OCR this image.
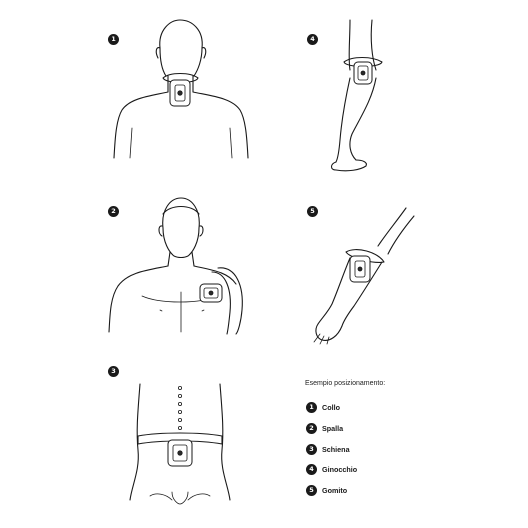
1
2
3
4
5
Esempio posizionamento:
1	Collo
2	Spalla
3	Schiena
4	Ginocchio
5	Gomito
